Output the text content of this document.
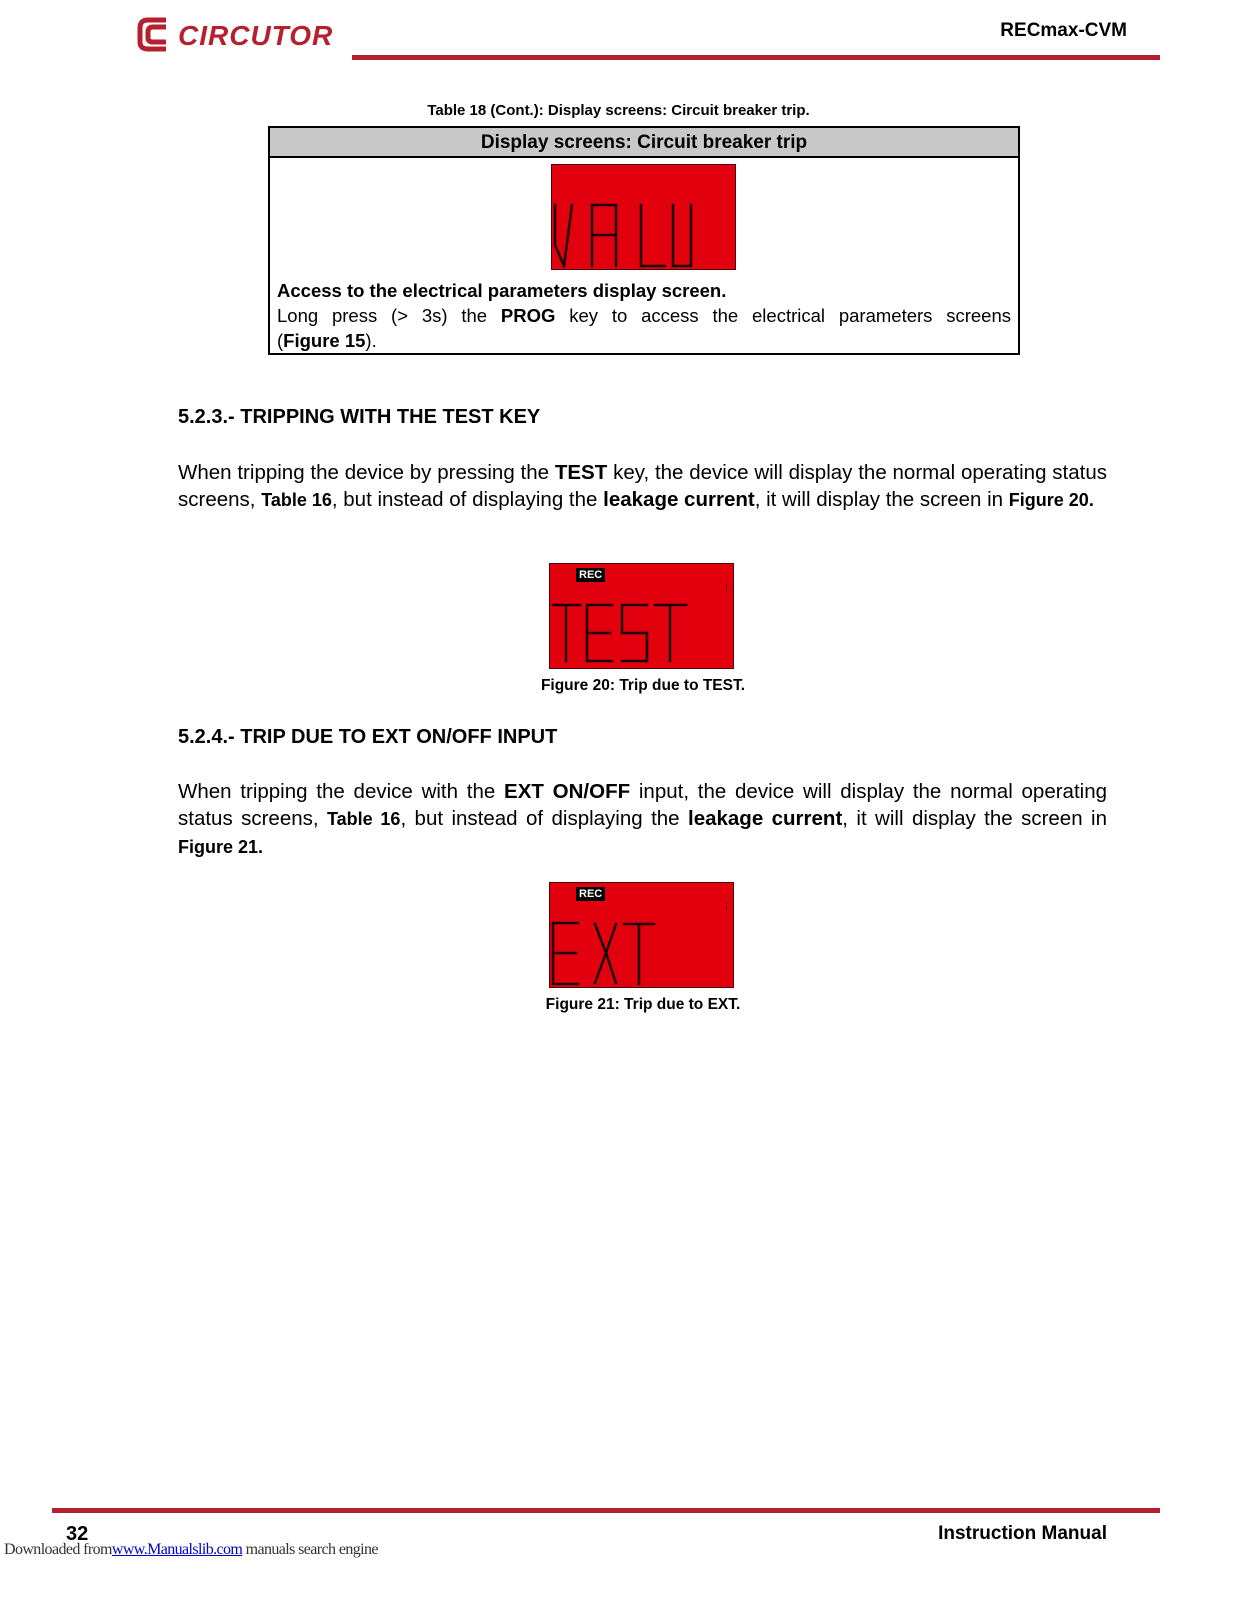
CIRCUTOR	RECmax-CVM
Table 18 (Cont.): Display screens: Circuit breaker trip.
Display screens: Circuit breaker trip
Access to the electrical parameters display screen.
Long press (> 3s) the PROG key to access the electrical parameters screens
(Figure 15).
5.2.3.- TRIPPING WITH THE TEST KEY
When tripping the device by pressing the TEST key, the device will display the normal operating status screens, Table 16, but instead of displaying the leakage current, it will display the screen in Figure 20.
REC
Figure 20: Trip due to TEST.
5.2.4.- TRIP DUE TO EXT ON/OFF INPUT
When tripping the device with the EXT ON/OFF input, the device will display the normal operating status screens, Table 16, but instead of displaying the leakage current, it will display the screen in Figure 21.
REC
Figure 21: Trip due to EXT.
32	Instruction Manual
Downloaded fromwww.Manualslib.com manuals search engine
